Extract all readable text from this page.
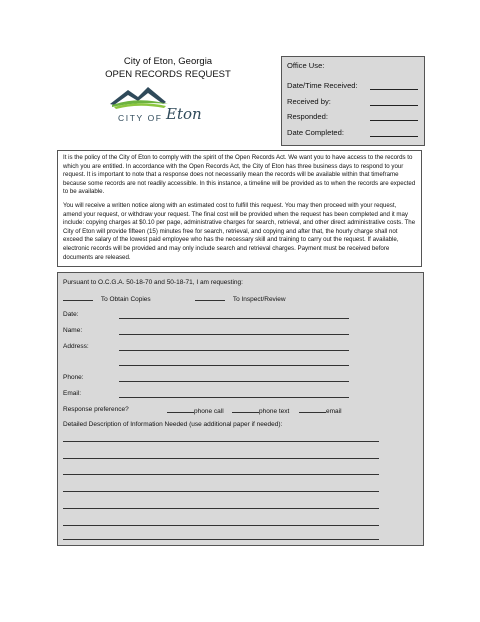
City of Eton, Georgia
OPEN RECORDS REQUEST
CITY OF Eton
Office Use:
Date/Time Received:
Received by:
Responded:
Date Completed:

It is the policy of the City of Eton to comply with the spirit of the Open Records Act. We want you to have access to the records to which you are entitled. In accordance with the Open Records Act, the City of Eton has three business days to respond to your request. It is important to note that a response does not necessarily mean the records will be available within that timeframe because some records are not readily accessible. In this instance, a timeline will be provided as to when the records are expected to be available.

You will receive a written notice along with an estimated cost to fulfill this request. You may then proceed with your request, amend your request, or withdraw your request. The final cost will be provided when the request has been completed and it may include: copying charges at $0.10 per page, administrative charges for search, retrieval, and other direct administrative costs. The City of Eton will provide fifteen (15) minutes free for search, retrieval, and copying and after that, the hourly charge shall not exceed the salary of the lowest paid employee who has the necessary skill and training to carry out the request. If available, electronic records will be provided and may only include search and retrieval charges. Payment must be received before documents are released.

Pursuant to O.C.G.A. 50-18-70 and 50-18-71, I am requesting:
To Obtain Copies	To Inspect/Review
Date:
Name:
Address:
Phone:
Email:
Response preference?	phone call	phone text	email
Detailed Description of Information Needed (use additional paper if needed):
